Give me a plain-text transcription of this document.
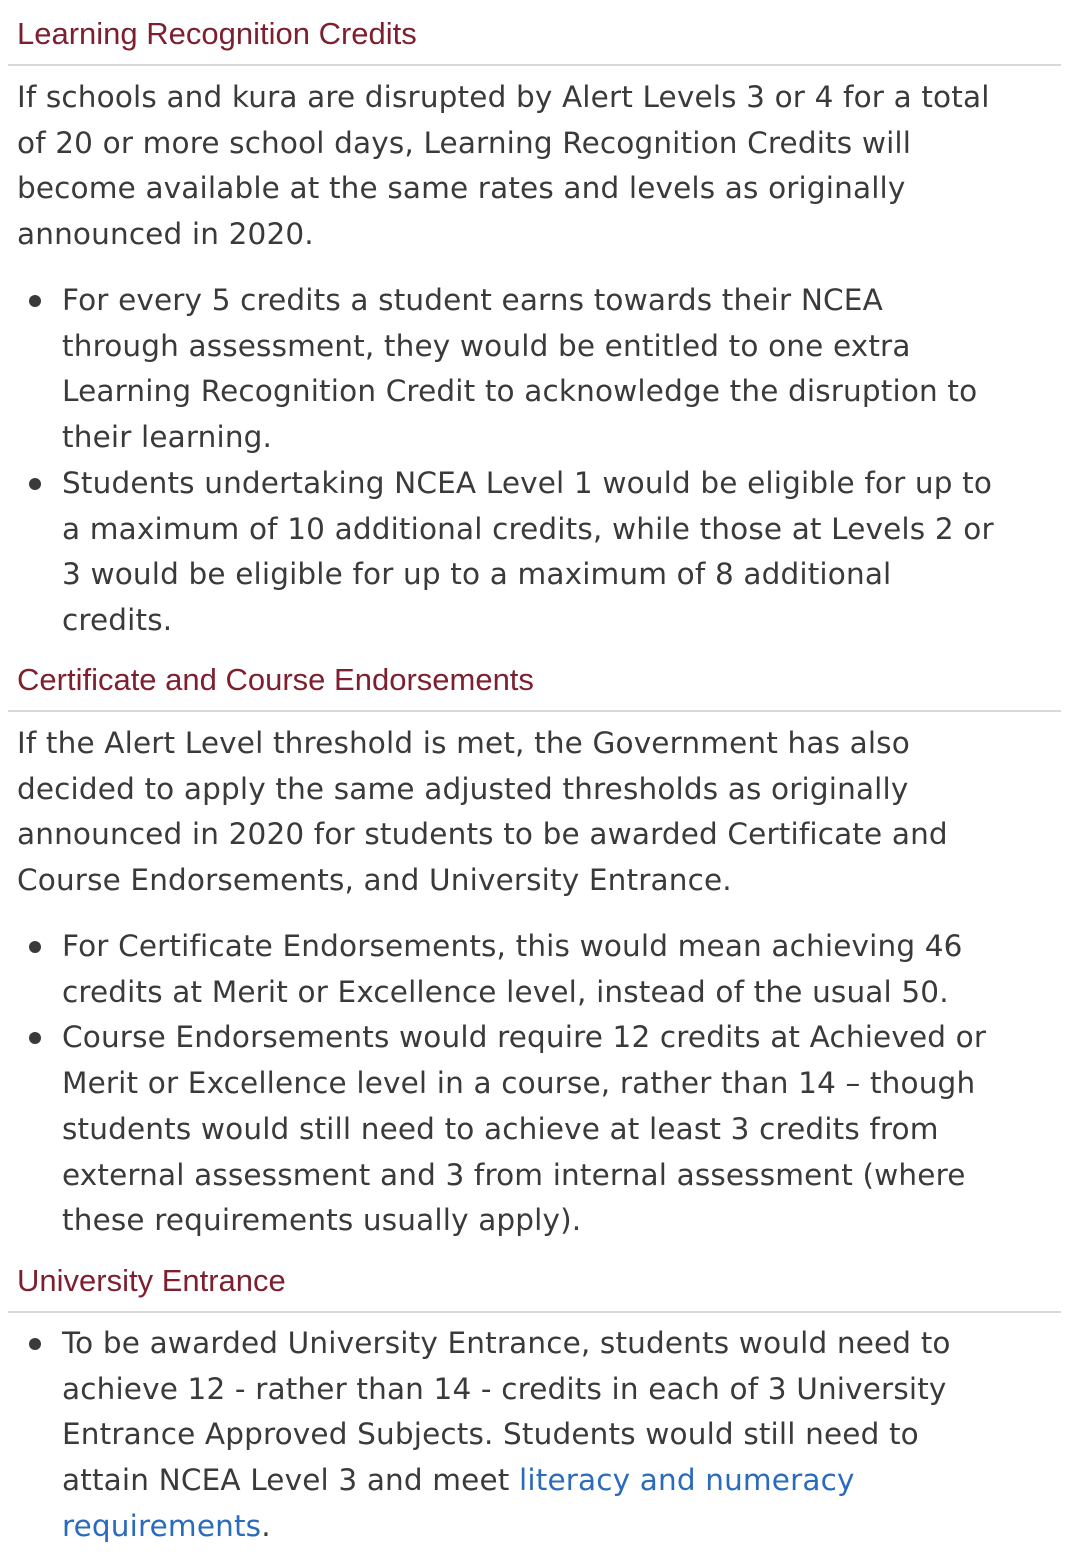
Learning Recognition Credits

If schools and kura are disrupted by Alert Levels 3 or 4 for a total
of 20 or more school days, Learning Recognition Credits will
become available at the same rates and levels as originally
announced in 2020.

For every 5 credits a student earns towards their NCEA
through assessment, they would be entitled to one extra
Learning Recognition Credit to acknowledge the disruption to
their learning.
Students undertaking NCEA Level 1 would be eligible for up to
a maximum of 10 additional credits, while those at Levels 2 or
3 would be eligible for up to a maximum of 8 additional
credits.
Certificate and Course Endorsements

If the Alert Level threshold is met, the Government has also
decided to apply the same adjusted thresholds as originally
announced in 2020 for students to be awarded Certificate and
Course Endorsements, and University Entrance.

For Certificate Endorsements, this would mean achieving 46
credits at Merit or Excellence level, instead of the usual 50.
Course Endorsements would require 12 credits at Achieved or
Merit or Excellence level in a course, rather than 14 – though
students would still need to achieve at least 3 credits from
external assessment and 3 from internal assessment (where
these requirements usually apply).
University Entrance
To be awarded University Entrance, students would need to
achieve 12 - rather than 14 - credits in each of 3 University
Entrance Approved Subjects. Students would still need to
attain NCEA Level 3 and meet literacy and numeracy
requirements.
